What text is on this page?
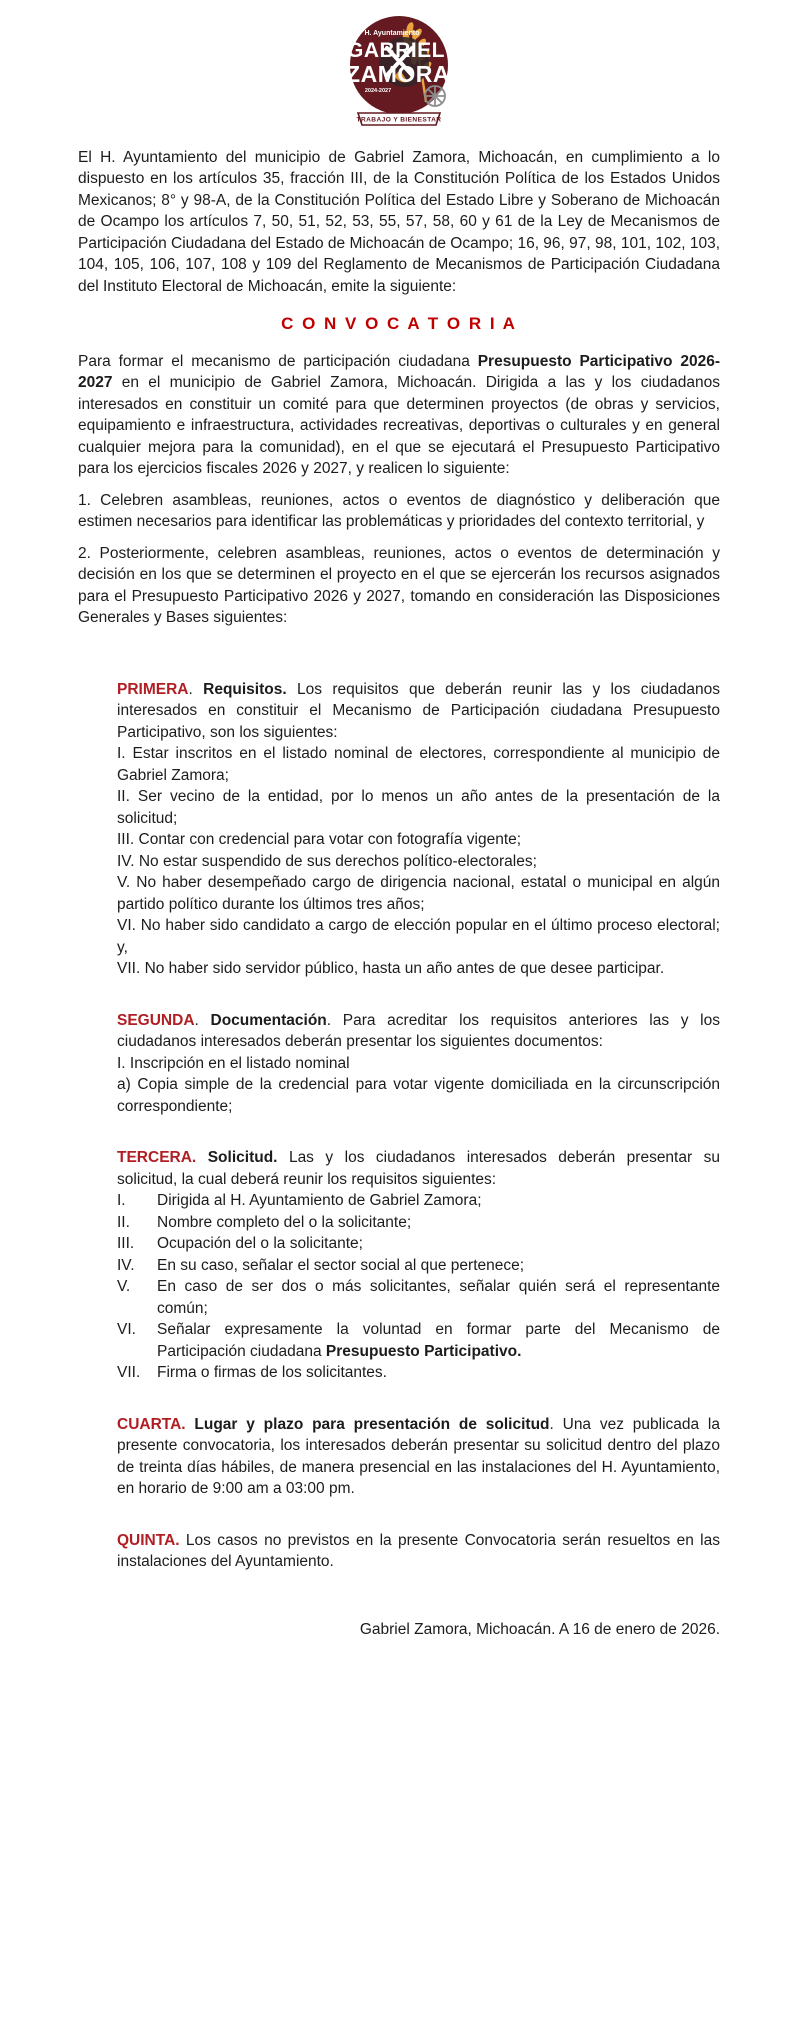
H. Ayuntamiento
GABRIEL
ZAMORA
2024-2027
TRABAJO Y BIENESTAR

El H. Ayuntamiento del municipio de Gabriel Zamora, Michoacán, en cumplimiento a lo dispuesto en los artículos 35, fracción III, de la Constitución Política de los Estados Unidos Mexicanos; 8° y 98-A, de la Constitución Política del Estado Libre y Soberano de Michoacán de Ocampo los artículos 7, 50, 51, 52, 53, 55, 57, 58, 60 y 61 de la Ley de Mecanismos de Participación Ciudadana del Estado de Michoacán de Ocampo; 16, 96, 97, 98, 101, 102, 103, 104, 105, 106, 107, 108 y 109 del Reglamento de Mecanismos de Participación Ciudadana del Instituto Electoral de Michoacán, emite la siguiente:

C O N V O C A T O R I A

Para formar el mecanismo de participación ciudadana Presupuesto Participativo 2026-2027 en el municipio de Gabriel Zamora, Michoacán. Dirigida a las y los ciudadanos interesados en constituir un comité para que determinen proyectos (de obras y servicios, equipamiento e infraestructura, actividades recreativas, deportivas o culturales y en general cualquier mejora para la comunidad), en el que se ejecutará el Presupuesto Participativo para los ejercicios fiscales 2026 y 2027, y realicen lo siguiente:

1. Celebren asambleas, reuniones, actos o eventos de diagnóstico y deliberación que estimen necesarios para identificar las problemáticas y prioridades del contexto territorial, y

2. Posteriormente, celebren asambleas, reuniones, actos o eventos de determinación y decisión en los que se determinen el proyecto en el que se ejercerán los recursos asignados para el Presupuesto Participativo 2026 y 2027, tomando en consideración las Disposiciones Generales y Bases siguientes:

PRIMERA. Requisitos. Los requisitos que deberán reunir las y los ciudadanos interesados en constituir el Mecanismo de Participación ciudadana Presupuesto Participativo, son los siguientes:

I. Estar inscritos en el listado nominal de electores, correspondiente al municipio de Gabriel Zamora;
II. Ser vecino de la entidad, por lo menos un año antes de la presentación de la solicitud;
III. Contar con credencial para votar con fotografía vigente;
IV. No estar suspendido de sus derechos político-electorales;
V. No haber desempeñado cargo de dirigencia nacional, estatal o municipal en algún partido político durante los últimos tres años;
VI. No haber sido candidato a cargo de elección popular en el último proceso electoral; y,
VII. No haber sido servidor público, hasta un año antes de que desee participar.

SEGUNDA. Documentación. Para acreditar los requisitos anteriores las y los ciudadanos interesados deberán presentar los siguientes documentos:

I. Inscripción en el listado nominal
a) Copia simple de la credencial para votar vigente domiciliada en la circunscripción correspondiente;

TERCERA. Solicitud. Las y los ciudadanos interesados deberán presentar su solicitud, la cual deberá reunir los requisitos siguientes:

I.	Dirigida al H. Ayuntamiento de Gabriel Zamora;
II.	Nombre completo del o la solicitante;
III.	Ocupación del o la solicitante;
IV.	En su caso, señalar el sector social al que pertenece;
V.	En caso de ser dos o más solicitantes, señalar quién será el representante común;
VI.	Señalar expresamente la voluntad en formar parte del Mecanismo de Participación ciudadana Presupuesto Participativo.
VII.	Firma o firmas de los solicitantes.

CUARTA. Lugar y plazo para presentación de solicitud. Una vez publicada la presente convocatoria, los interesados deberán presentar su solicitud dentro del plazo de treinta días hábiles, de manera presencial en las instalaciones del H. Ayuntamiento, en horario de 9:00 am a 03:00 pm.

QUINTA. Los casos no previstos en la presente Convocatoria serán resueltos en las instalaciones del Ayuntamiento.

Gabriel Zamora, Michoacán. A 16 de enero de 2026.
